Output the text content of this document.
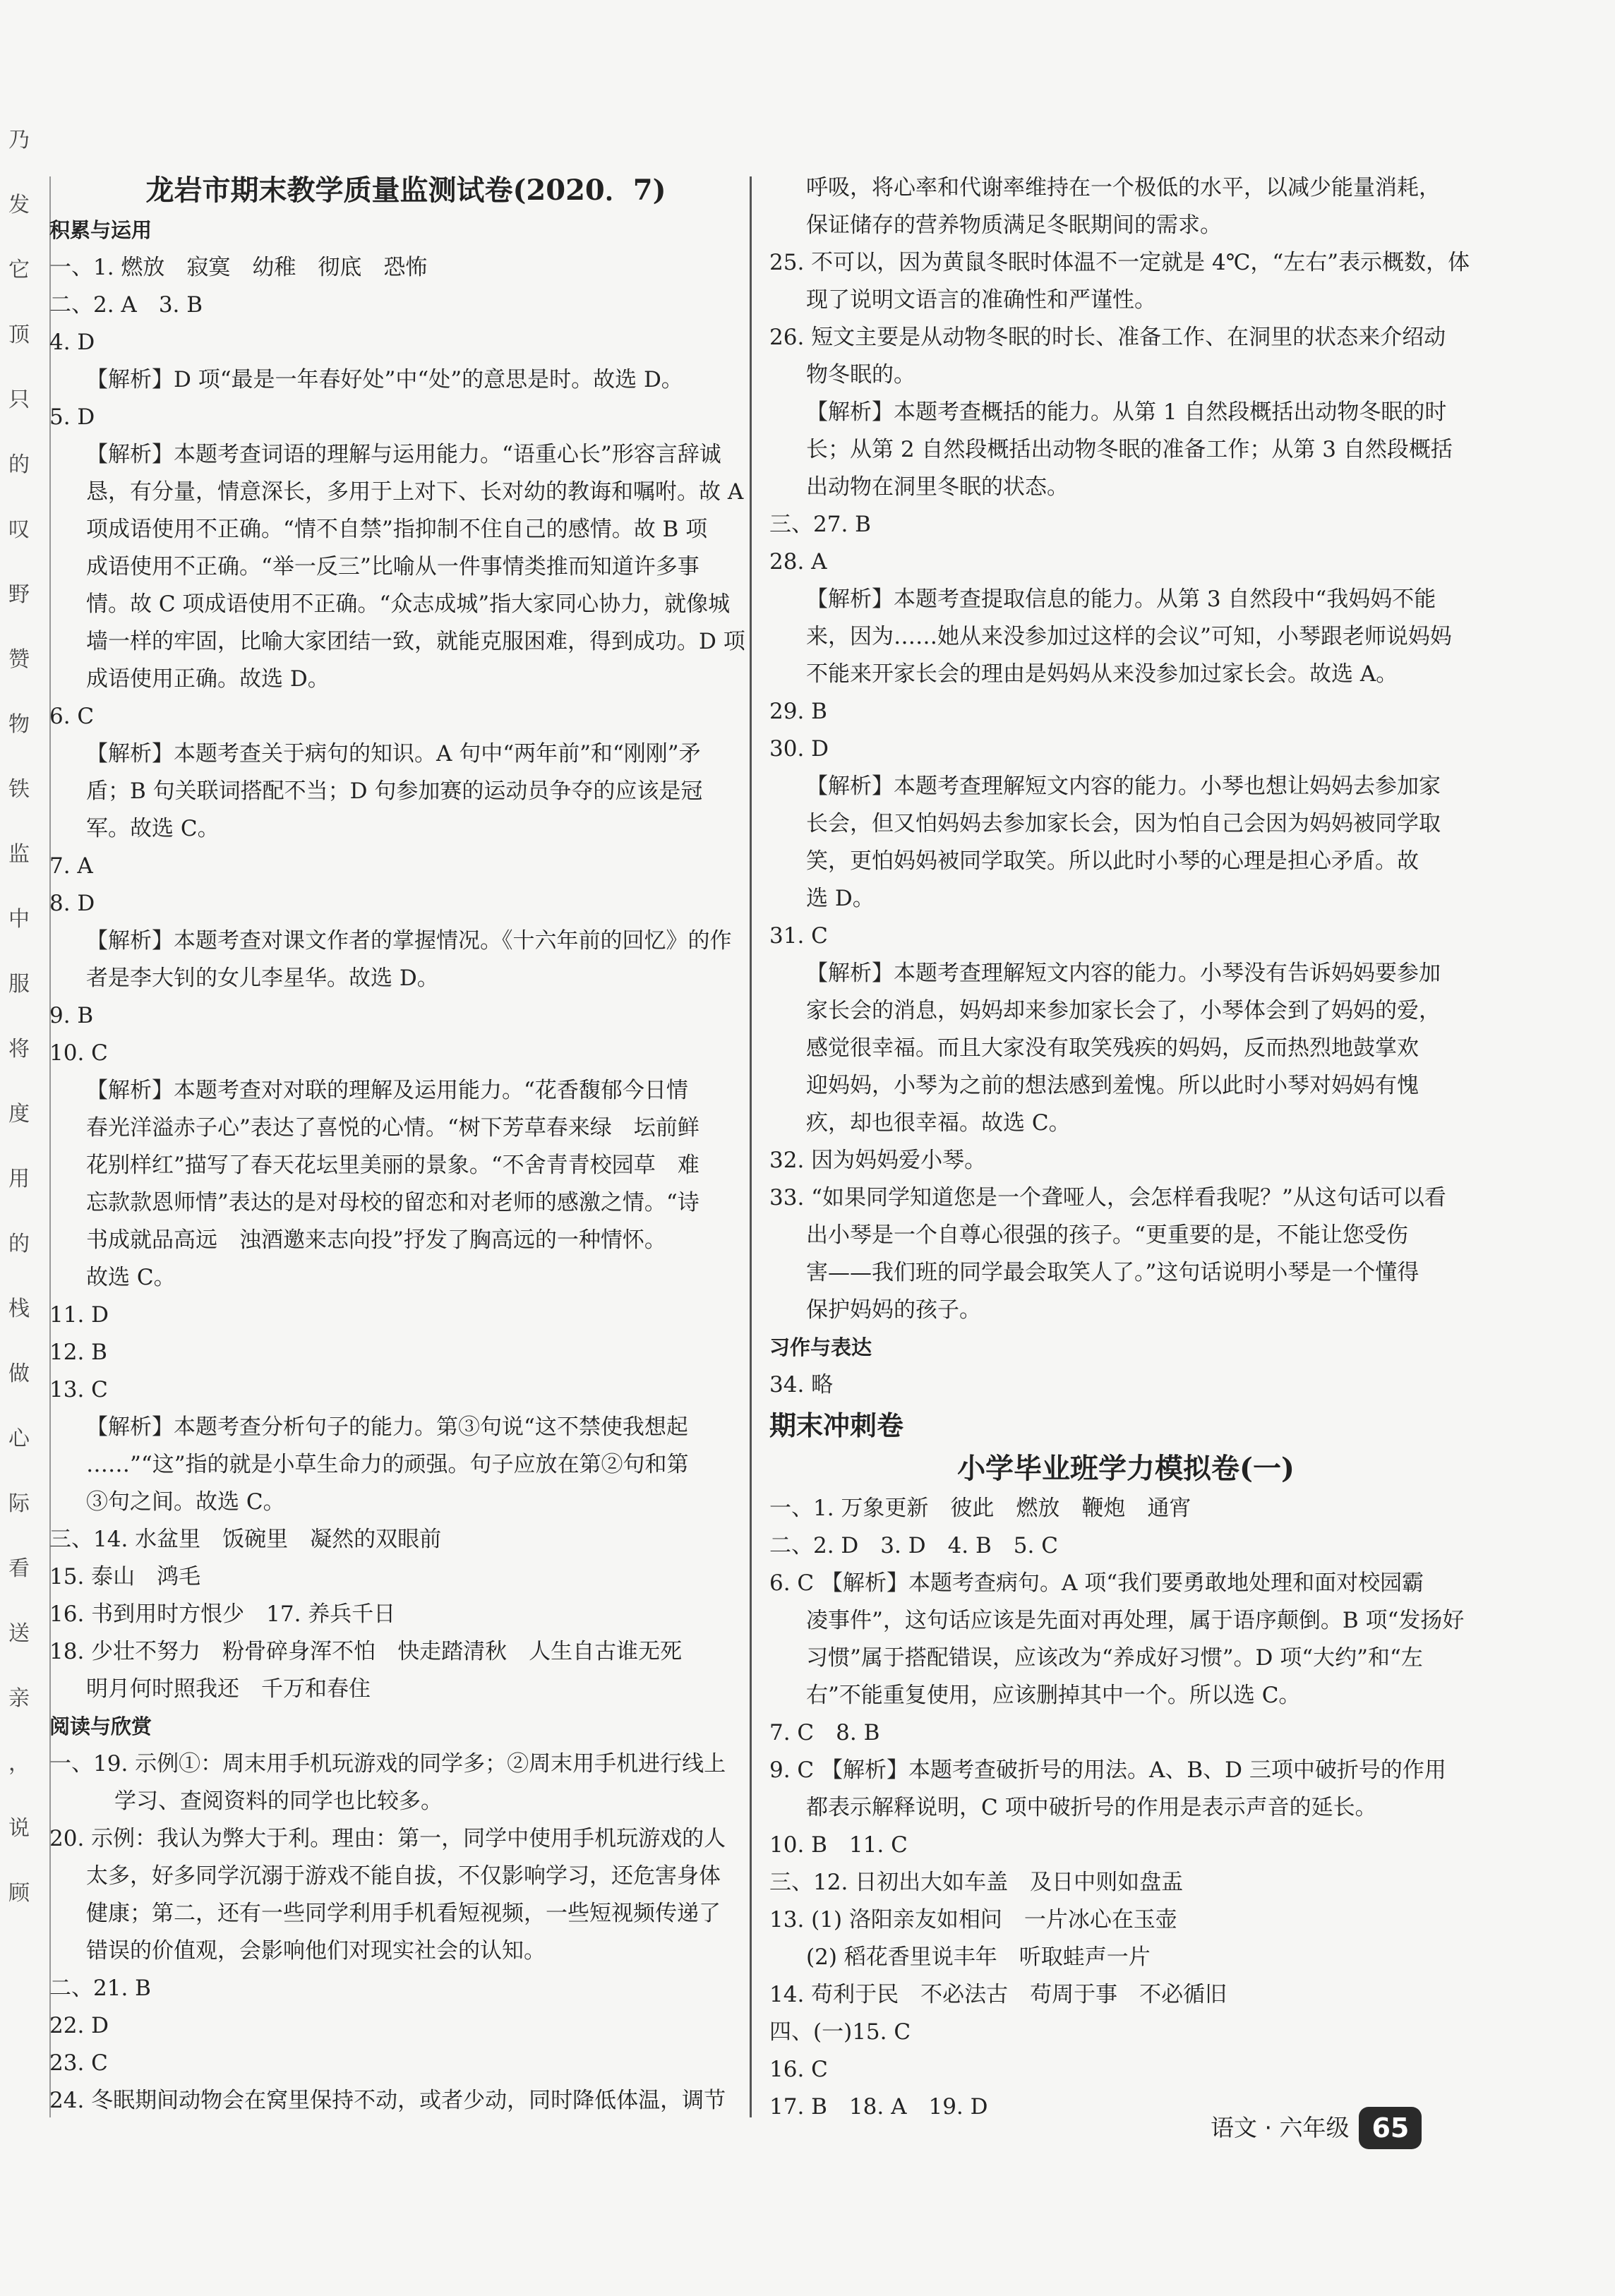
乃
发
它
顶
只
的
叹
野
赞
物
铁
监
中
服
将
度
用
的
栈
做
心
际
看
送
亲
，
说
顾
龙岩市期末教学质量监测试卷(2020．7)
积累与运用
一、1. 燃放　寂寞　幼稚　彻底　恐怖
二、2. A　3. B
4. D
【解析】D 项“最是一年春好处”中“处”的意思是时。故选 D。
5. D
【解析】本题考查词语的理解与运用能力。“语重心长”形容言辞诚
恳，有分量，情意深长，多用于上对下、长对幼的教诲和嘱咐。故 A
项成语使用不正确。“情不自禁”指抑制不住自己的感情。故 B 项
成语使用不正确。“举一反三”比喻从一件事情类推而知道许多事
情。故 C 项成语使用不正确。“众志成城”指大家同心协力，就像城
墙一样的牢固，比喻大家团结一致，就能克服困难，得到成功。D 项
成语使用正确。故选 D。
6. C
【解析】本题考查关于病句的知识。A 句中“两年前”和“刚刚”矛
盾；B 句关联词搭配不当；D 句参加赛的运动员争夺的应该是冠
军。故选 C。
7. A
8. D
【解析】本题考查对课文作者的掌握情况。《十六年前的回忆》的作
者是李大钊的女儿李星华。故选 D。
9. B
10. C
【解析】本题考查对对联的理解及运用能力。“花香馥郁今日情
春光洋溢赤子心”表达了喜悦的心情。“树下芳草春来绿　坛前鲜
花别样红”描写了春天花坛里美丽的景象。“不舍青青校园草　难
忘款款恩师情”表达的是对母校的留恋和对老师的感激之情。“诗
书成就品高远　浊酒邀来志向投”抒发了胸高远的一种情怀。
故选 C。
11. D
12. B
13. C
【解析】本题考查分析句子的能力。第③句说“这不禁使我想起
……”“这”指的就是小草生命力的顽强。句子应放在第②句和第
③句之间。故选 C。
三、14. 水盆里　饭碗里　凝然的双眼前
15. 泰山　鸿毛
16. 书到用时方恨少　17. 养兵千日
18. 少壮不努力　粉骨碎身浑不怕　快走踏清秋　人生自古谁无死
明月何时照我还　千万和春住
阅读与欣赏
一、19. 示例①：周末用手机玩游戏的同学多；②周末用手机进行线上
学习、查阅资料的同学也比较多。
20. 示例：我认为弊大于利。理由：第一，同学中使用手机玩游戏的人
太多，好多同学沉溺于游戏不能自拔，不仅影响学习，还危害身体
健康；第二，还有一些同学利用手机看短视频，一些短视频传递了
错误的价值观，会影响他们对现实社会的认知。
二、21. B
22. D
23. C
24. 冬眠期间动物会在窝里保持不动，或者少动，同时降低体温，调节
呼吸，将心率和代谢率维持在一个极低的水平，以减少能量消耗，
保证储存的营养物质满足冬眠期间的需求。
25. 不可以，因为黄鼠冬眠时体温不一定就是 4℃，“左右”表示概数，体
现了说明文语言的准确性和严谨性。
26. 短文主要是从动物冬眠的时长、准备工作、在洞里的状态来介绍动
物冬眠的。
【解析】本题考查概括的能力。从第 1 自然段概括出动物冬眠的时
长；从第 2 自然段概括出动物冬眠的准备工作；从第 3 自然段概括
出动物在洞里冬眠的状态。
三、27. B
28. A
【解析】本题考查提取信息的能力。从第 3 自然段中“我妈妈不能
来，因为……她从来没参加过这样的会议”可知，小琴跟老师说妈妈
不能来开家长会的理由是妈妈从来没参加过家长会。故选 A。
29. B
30. D
【解析】本题考查理解短文内容的能力。小琴也想让妈妈去参加家
长会，但又怕妈妈去参加家长会，因为怕自己会因为妈妈被同学取
笑，更怕妈妈被同学取笑。所以此时小琴的心理是担心矛盾。故
选 D。
31. C
【解析】本题考查理解短文内容的能力。小琴没有告诉妈妈要参加
家长会的消息，妈妈却来参加家长会了，小琴体会到了妈妈的爱，
感觉很幸福。而且大家没有取笑残疾的妈妈，反而热烈地鼓掌欢
迎妈妈，小琴为之前的想法感到羞愧。所以此时小琴对妈妈有愧
疚，却也很幸福。故选 C。
32. 因为妈妈爱小琴。
33. “如果同学知道您是一个聋哑人，会怎样看我呢？”从这句话可以看
出小琴是一个自尊心很强的孩子。“更重要的是，不能让您受伤
害——我们班的同学最会取笑人了。”这句话说明小琴是一个懂得
保护妈妈的孩子。
习作与表达
34. 略
期末冲刺卷
小学毕业班学力模拟卷(一)
一、1. 万象更新　彼此　燃放　鞭炮　通宵
二、2. D　3. D　4. B　5. C
6. C 【解析】本题考查病句。A 项“我们要勇敢地处理和面对校园霸
凌事件”，这句话应该是先面对再处理，属于语序颠倒。B 项“发扬好
习惯”属于搭配错误，应该改为“养成好习惯”。D 项“大约”和“左
右”不能重复使用，应该删掉其中一个。所以选 C。
7. C　8. B
9. C 【解析】本题考查破折号的用法。A、B、D 三项中破折号的作用
都表示解释说明，C 项中破折号的作用是表示声音的延长。
10. B　11. C
三、12. 日初出大如车盖　及日中则如盘盂
13. (1) 洛阳亲友如相问　一片冰心在玉壶
(2) 稻花香里说丰年　听取蛙声一片
14. 苟利于民　不必法古　苟周于事　不必循旧
四、(一)15. C
16. C
17. B　18. A　19. D
语文 · 六年级 65
